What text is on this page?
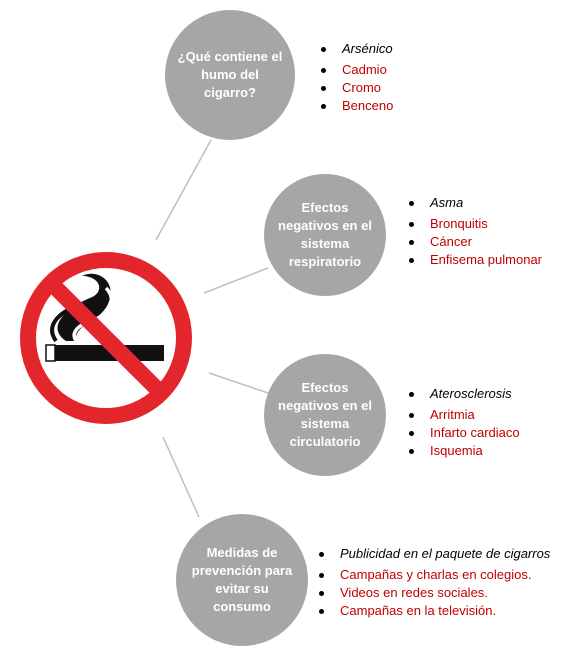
¿Qué contiene el humo del cigarro?
Arsénico
Cadmio
Cromo
Benceno
Efectos negativos en el sistema respiratorio
Asma
Bronquitis
Cáncer
Enfisema pulmonar
Efectos negativos en el sistema circulatorio
Aterosclerosis
Arritmia
Infarto cardiaco
Isquemia
Medidas de prevención para evitar su consumo
Publicidad en el paquete de cigarros
Campañas y charlas en colegios.
Videos en redes sociales.
Campañas en la televisión.
